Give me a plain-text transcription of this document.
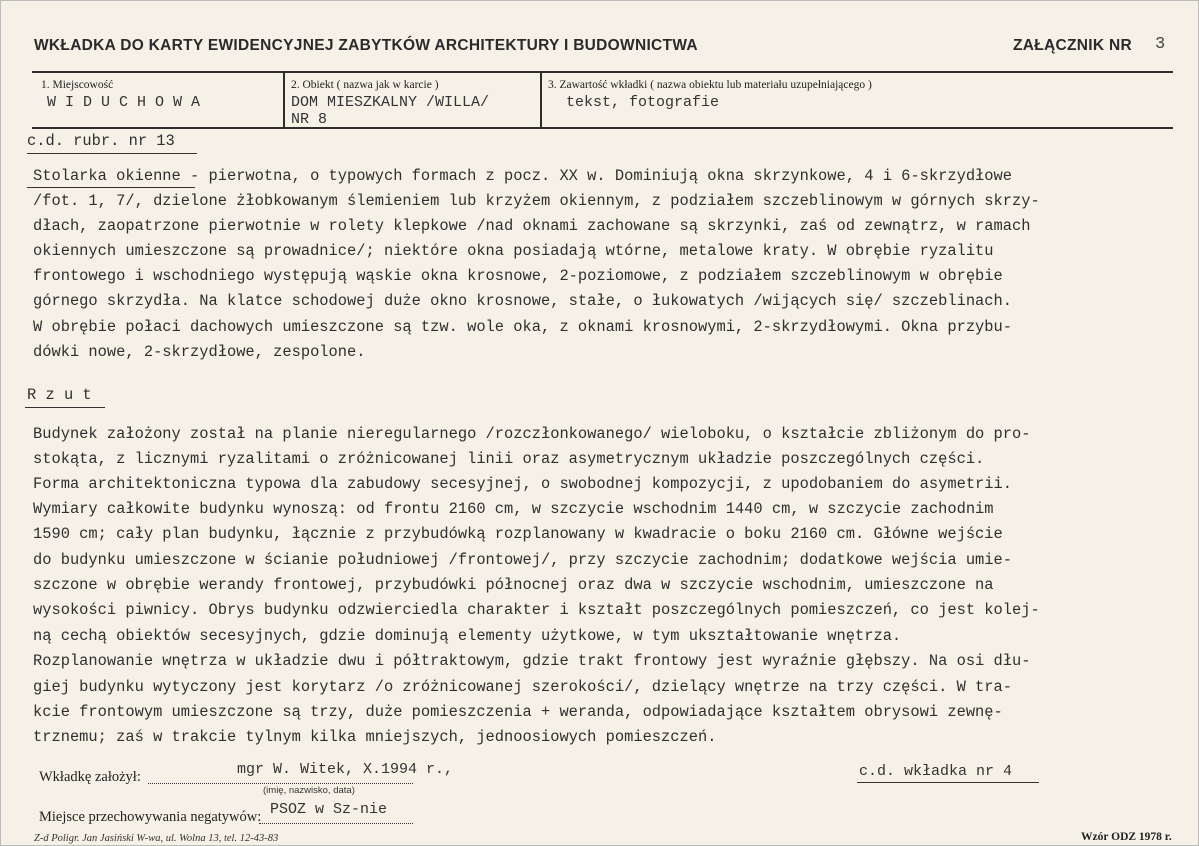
WKŁADKA DO KARTY EWIDENCYJNEJ ZABYTKÓW ARCHITEKTURY I BUDOWNICTWA	ZAŁĄCZNIK NR 3
1. Miejscowość
W I D U C H O W A
2. Obiekt ( nazwa jak w karcie )
DOM MIESZKALNY /WILLA/
NR 8
3. Zawartość wkładki ( nazwa obiektu lub materiału uzupełniającego )
tekst, fotografie
c.d. rubr. nr 13
Stolarka okienne - pierwotna, o typowych formach z pocz. XX w. Dominiują okna skrzynkowe, 4 i 6-skrzydłowe
/fot. 1, 7/, dzielone żłobkowanym ślemieniem lub krzyżem okiennym, z podziałem szczeblinowym w górnych skrzy-
dłach, zaopatrzone pierwotnie w rolety klepkowe /nad oknami zachowane są skrzynki, zaś od zewnątrz, w ramach
okiennych umieszczone są prowadnice/; niektóre okna posiadają wtórne, metalowe kraty. W obrębie ryzalitu
frontowego i wschodniego występują wąskie okna krosnowe, 2-poziomowe, z podziałem szczeblinowym w obrębie
górnego skrzydła. Na klatce schodowej duże okno krosnowe, stałe, o łukowatych /wijących się/ szczeblinach.
W obrębie połaci dachowych umieszczone są tzw. wole oka, z oknami krosnowymi, 2-skrzydłowymi. Okna przybu-
dówki nowe, 2-skrzydłowe, zespolone.
R z u t
Budynek założony został na planie nieregularnego /rozczłonkowanego/ wieloboku, o kształcie zbliżonym do pro-
stokąta, z licznymi ryzalitami o zróżnicowanej linii oraz asymetrycznym układzie poszczególnych części.
Forma architektoniczna typowa dla zabudowy secesyjnej, o swobodnej kompozycji, z upodobaniem do asymetrii.
Wymiary całkowite budynku wynoszą: od frontu 2160 cm, w szczycie wschodnim 1440 cm, w szczycie zachodnim
1590 cm; cały plan budynku, łącznie z przybudówką rozplanowany w kwadracie o boku 2160 cm. Główne wejście
do budynku umieszczone w ścianie południowej /frontowej/, przy szczycie zachodnim; dodatkowe wejścia umie-
szczone w obrębie werandy frontowej, przybudówki północnej oraz dwa w szczycie wschodnim, umieszczone na
wysokości piwnicy. Obrys budynku odzwierciedla charakter i kształt poszczególnych pomieszczeń, co jest kolej-
ną cechą obiektów secesyjnych, gdzie dominują elementy użytkowe, w tym ukształtowanie wnętrza.
Rozplanowanie wnętrza w układzie dwu i półtraktowym, gdzie trakt frontowy jest wyraźnie głębszy. Na osi dłu-
giej budynku wytyczony jest korytarz /o zróżnicowanej szerokości/, dzielący wnętrze na trzy części. W tra-
kcie frontowym umieszczone są trzy, duże pomieszczenia + weranda, odpowiadające kształtem obrysowi zewnę-
trznemu; zaś w trakcie tylnym kilka mniejszych, jednoosiowych pomieszczeń.
Wkładkę założył:	mgr W. Witek, X.1994 r.,
(imię, nazwisko, data)
c.d. wkładka nr 4
Miejsce przechowywania negatywów: PSOZ w Sz-nie
Z-d Poligr. Jan Jasiński W-wa, ul. Wolna 13, tel. 12-43-83	Wzór ODZ 1978 r.
